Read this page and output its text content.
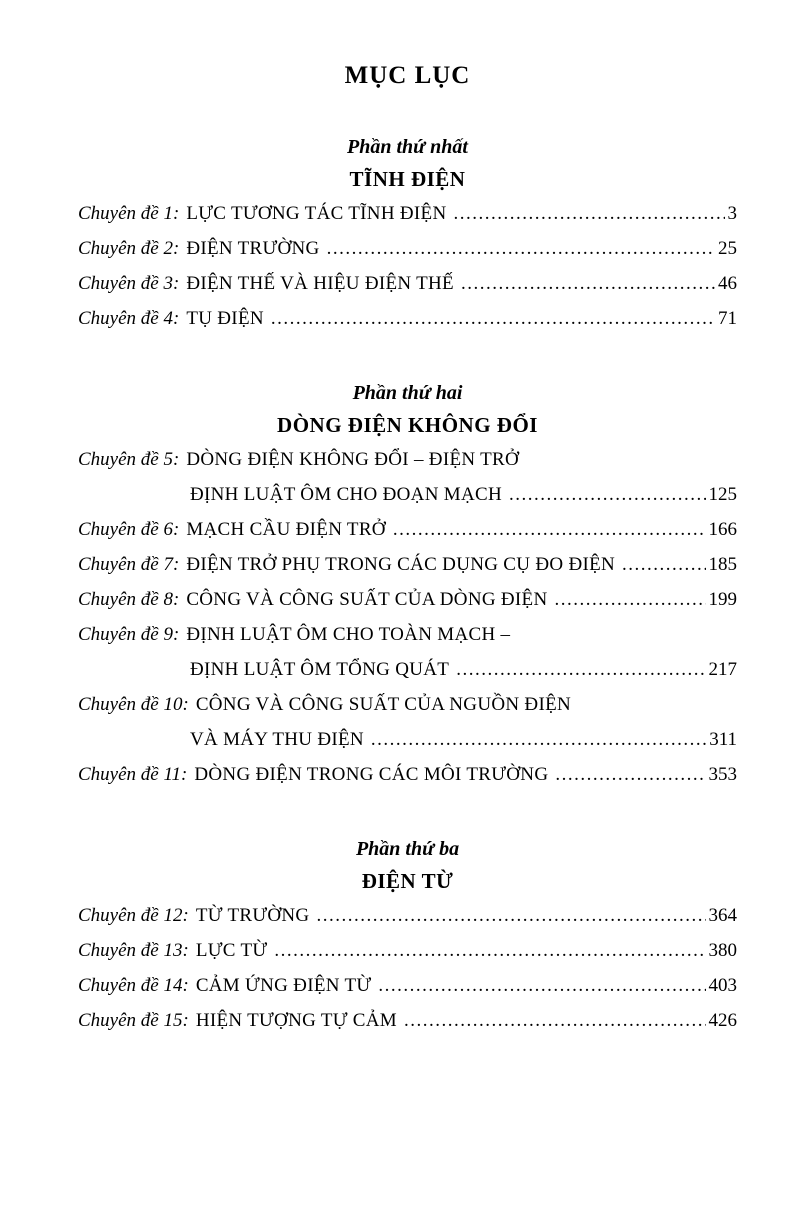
MỤC LỤC
Phần thứ nhất
TĨNH ĐIỆN
Chuyên đề 1: LỰC TƯƠNG TÁC TĨNH ĐIỆN .....	3
Chuyên đề 2: ĐIỆN TRƯỜNG .....	25
Chuyên đề 3: ĐIỆN THẾ VÀ HIỆU ĐIỆN THẾ .....	46
Chuyên đề 4: TỤ ĐIỆN .....	71
Phần thứ hai
DÒNG ĐIỆN KHÔNG ĐỔI
Chuyên đề 5: DÒNG ĐIỆN KHÔNG ĐỔI – ĐIỆN TRỞ
ĐỊNH LUẬT ÔM CHO ĐOẠN MẠCH .....	125
Chuyên đề 6: MẠCH CẦU ĐIỆN TRỞ .....	166
Chuyên đề 7: ĐIỆN TRỞ PHỤ TRONG CÁC DỤNG CỤ ĐO ĐIỆN .....	185
Chuyên đề 8: CÔNG VÀ CÔNG SUẤT CỦA DÒNG ĐIỆN .....	199
Chuyên đề 9: ĐỊNH LUẬT ÔM CHO TOÀN MẠCH –
ĐỊNH LUẬT ÔM TỔNG QUÁT .....	217
Chuyên đề 10: CÔNG VÀ CÔNG SUẤT CỦA NGUỒN ĐIỆN
VÀ MÁY THU ĐIỆN .....	311
Chuyên đề 11: DÒNG ĐIỆN TRONG CÁC MÔI TRƯỜNG .....	353
Phần thứ ba
ĐIỆN TỪ
Chuyên đề 12: TỪ TRƯỜNG .....	364
Chuyên đề 13: LỰC TỪ .....	380
Chuyên đề 14: CẢM ỨNG ĐIỆN TỪ .....	403
Chuyên đề 15: HIỆN TƯỢNG TỰ CẢM .....	426
